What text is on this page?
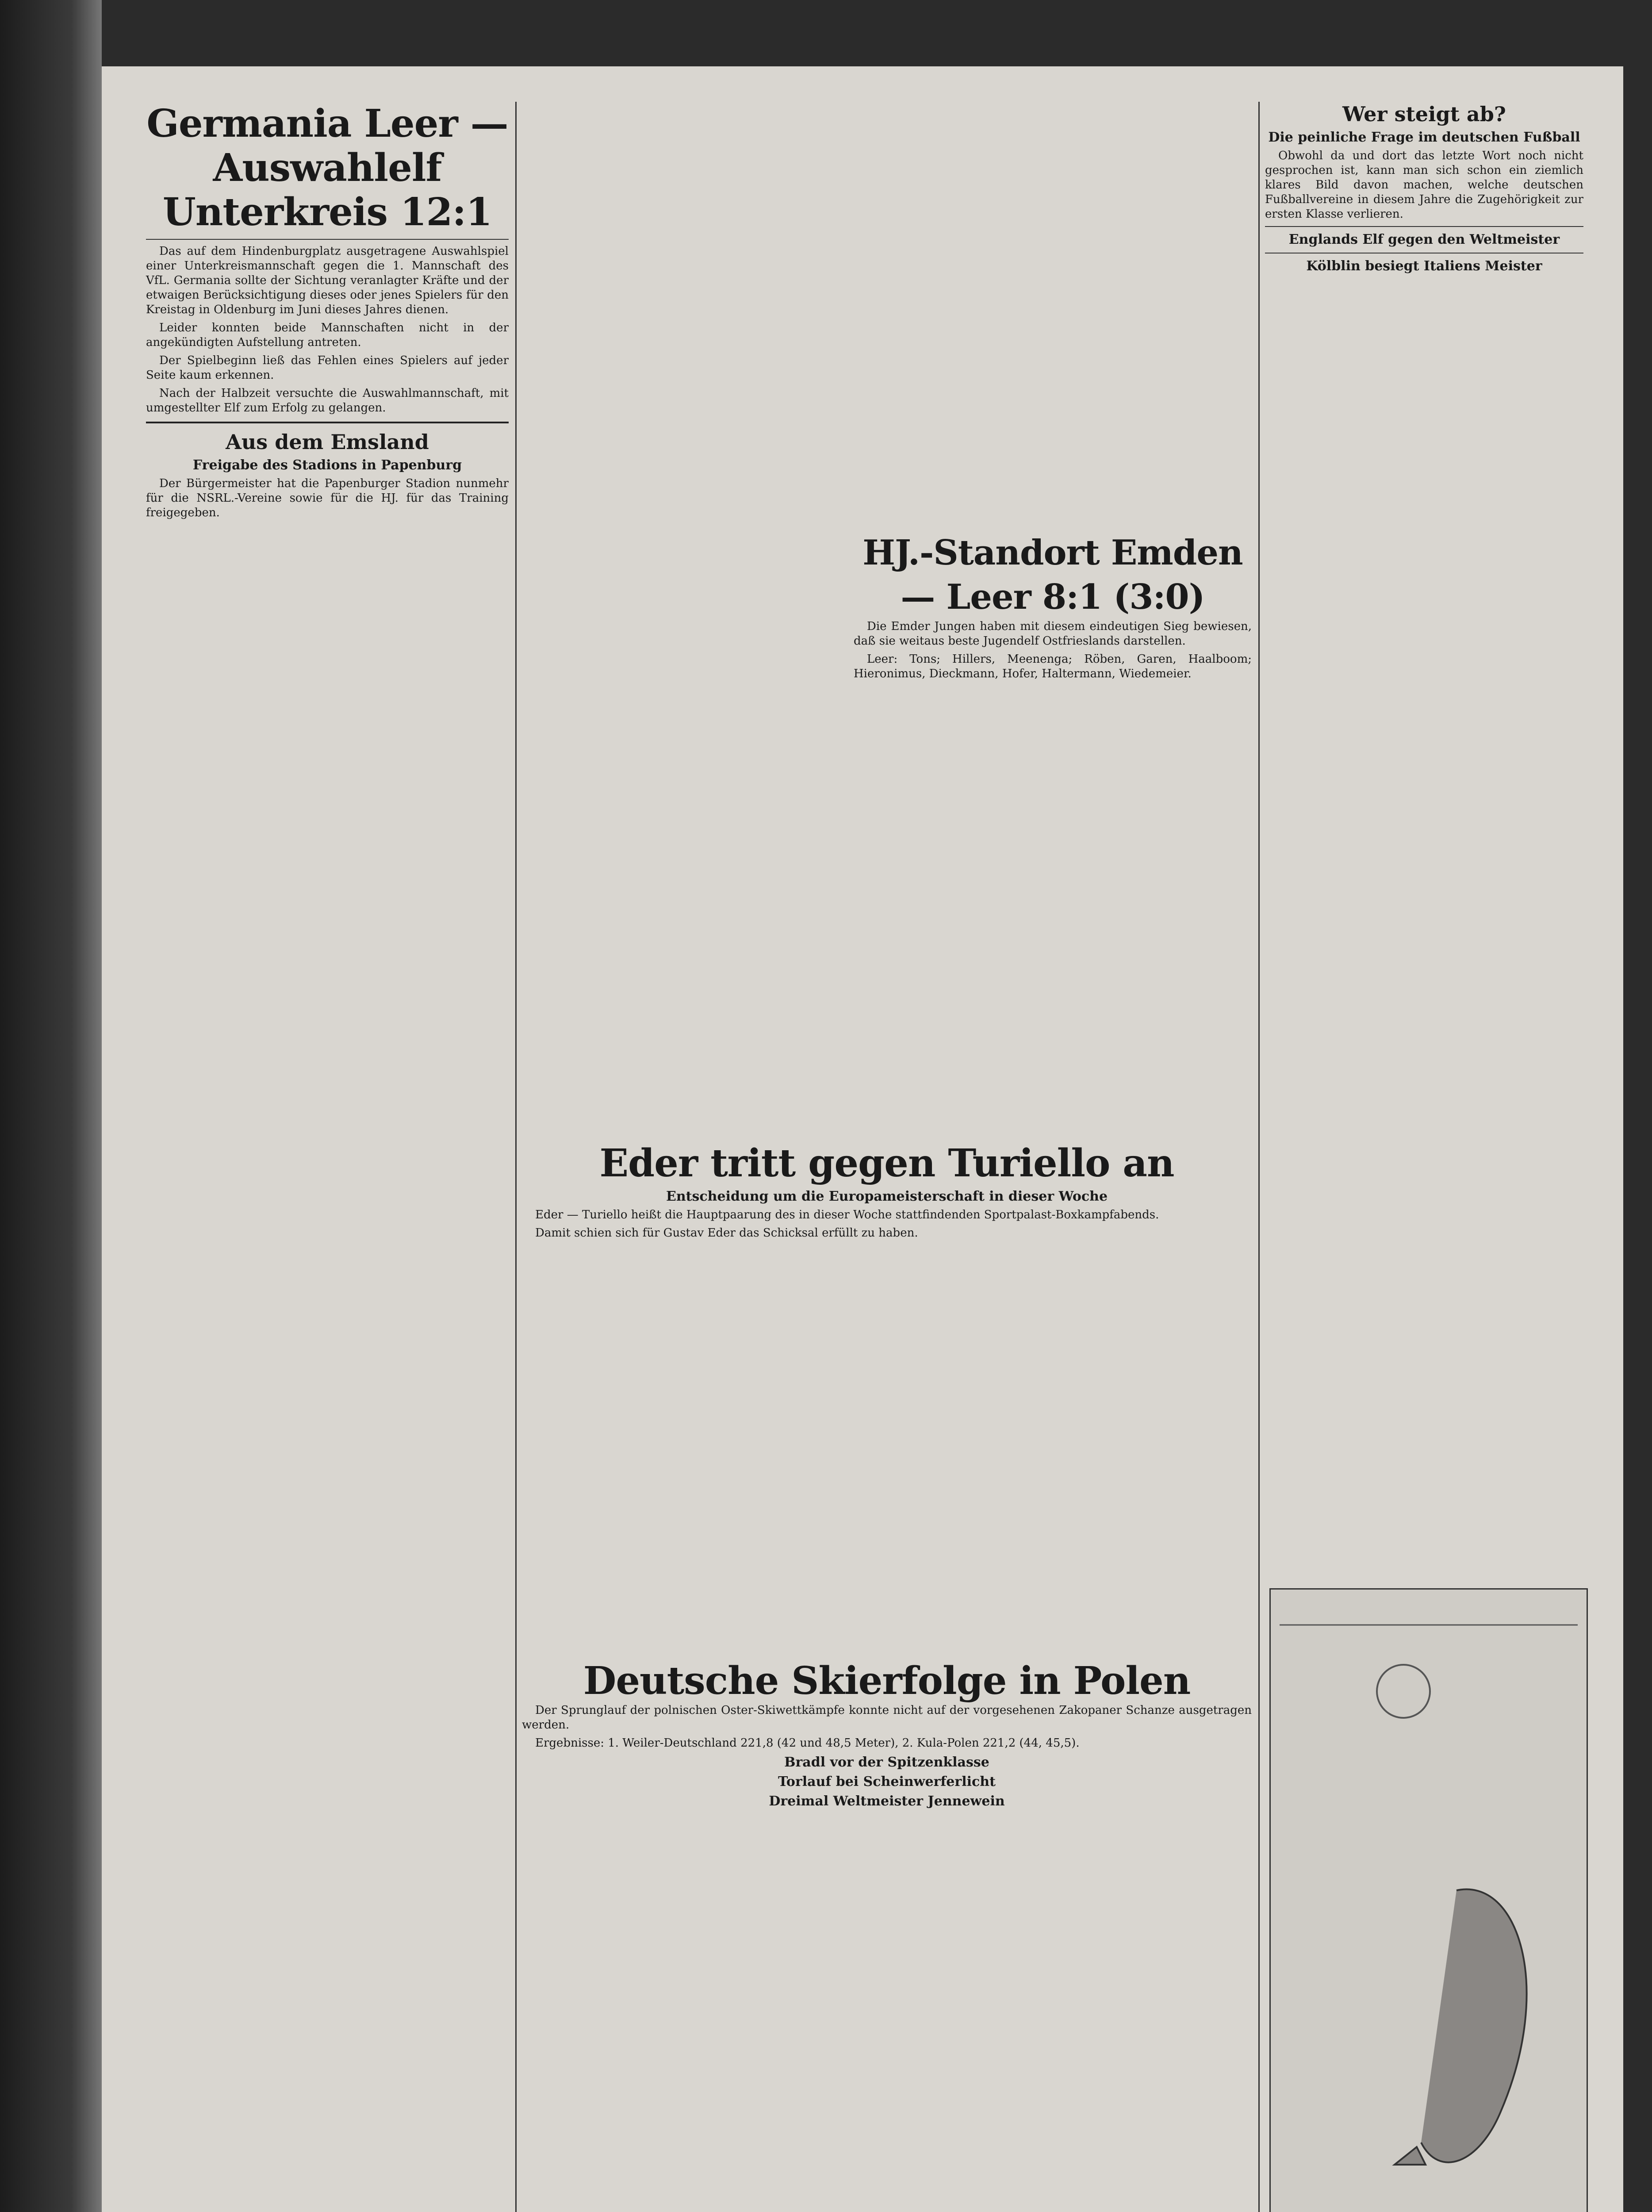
Germania Leer — Auswahlelf Unterkreis 12:1

Das auf dem Hindenburgplatz ausgetragene Auswahlspiel einer Unterkreismannschaft gegen die 1. Mannschaft des VfL. Germania sollte der Sichtung veranlagter Kräfte und der etwaigen Berücksichtigung dieses oder jenes Spielers für den Kreistag in Oldenburg im Juni dieses Jahres dienen.

Leider konnten beide Mannschaften nicht in der angekündigten Aufstellung antreten.

Der Spielbeginn ließ das Fehlen eines Spielers auf jeder Seite kaum erkennen.

Nach der Halbzeit versuchte die Auswahlmannschaft, mit umgestellter Elf zum Erfolg zu gelangen.

Aus dem Emsland
Freigabe des Stadions in Papenburg

Der Bürgermeister hat die Papenburger Stadion nunmehr für die NSRL.-Vereine sowie für die HJ. für das Training freigegeben.

HJ.-Standort Emden — Leer 8:1 (3:0)

Die Emder Jungen haben mit diesem eindeutigen Sieg bewiesen, daß sie weitaus beste Jugendelf Ostfrieslands darstellen.

Leer: Tons; Hillers, Meenenga; Röben, Garen, Haalboom; Hieronimus, Dieckmann, Hofer, Haltermann, Wiedemeier.

Eder tritt gegen Turiello an
Entscheidung um die Europameisterschaft in dieser Woche

Eder — Turiello heißt die Hauptpaarung des in dieser Woche stattfindenden Sportpalast-Boxkampfabends.

Damit schien sich für Gustav Eder das Schicksal erfüllt zu haben.

Deutsche Skierfolge in Polen

Der Sprunglauf der polnischen Oster-Skiwettkämpfe konnte nicht auf der vorgesehenen Zakopaner Schanze ausgetragen werden.

Ergebnisse: 1. Weiler-Deutschland 221,8 (42 und 48,5 Meter), 2. Kula-Polen 221,2 (44, 45,5).

Bradl vor der Spitzenklasse
Torlauf bei Scheinwerferlicht
Dreimal Weltmeister Jennewein
Wer steigt ab?
Die peinliche Frage im deutschen Fußball

Obwohl da und dort das letzte Wort noch nicht gesprochen ist, kann man sich schon ein ziemlich klares Bild davon machen, welche deutschen Fußballvereine in diesem Jahre die Zugehörigkeit zur ersten Klasse verlieren.

Englands Elf gegen den Weltmeister
Kölblin besiegt Italiens Meister
